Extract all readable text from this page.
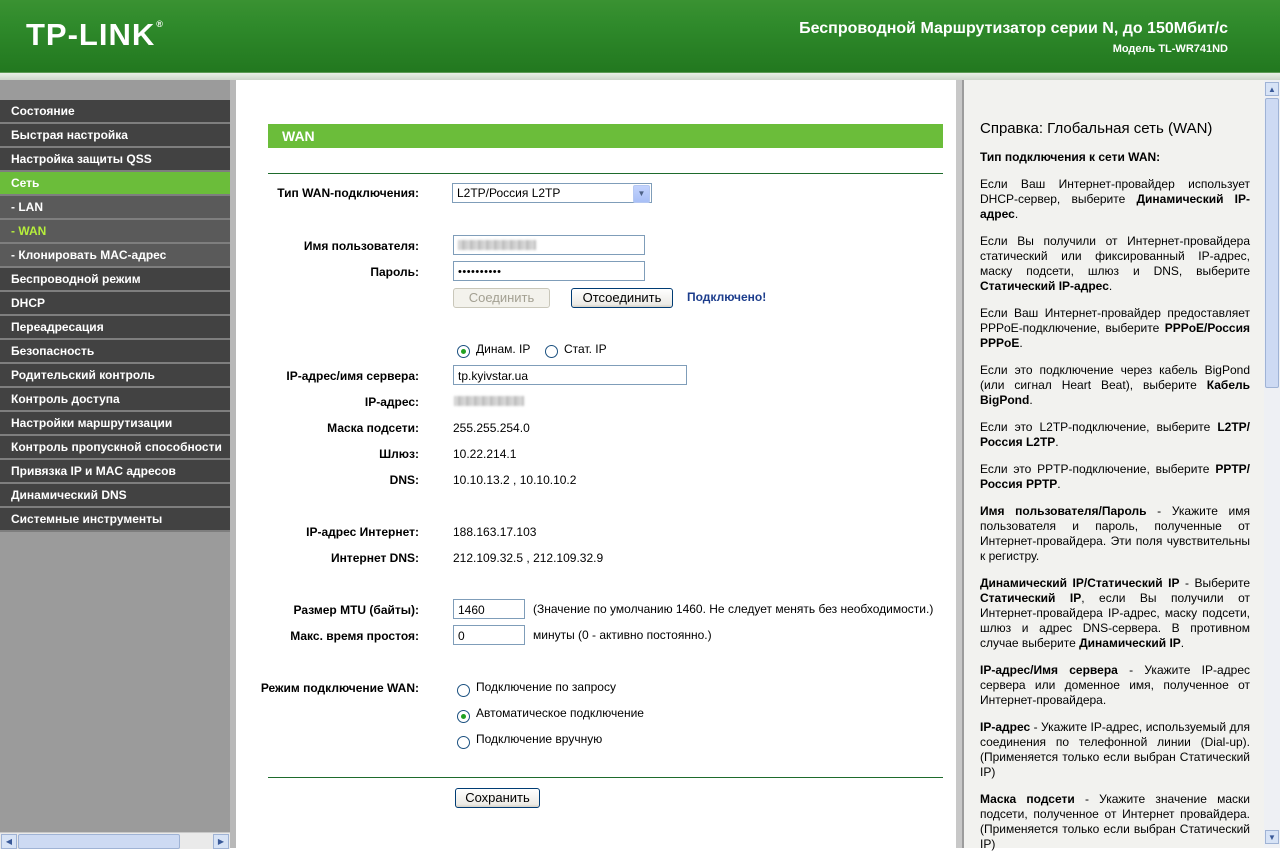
TP-LINK®	Беспроводной Маршрутизатор серии N, до 150Мбит/с
Модель TL-WR741ND
Состояние
Быстрая настройка
Настройка защиты QSS
Сеть
- LAN
- WAN
- Клонировать MAC-адрес
Беспроводной режим
DHCP
Переадресация
Безопасность
Родительский контроль
Контроль доступа
Настройки маршрутизации
Контроль пропускной способности
Привязка IP и MAC адресов
Динамический DNS
Системные инструменты
◀	▶
WAN
Тип WAN-подключения:	L2TP/Россия L2TP	▼
Имя пользователя:
Пароль:	••••••••••
Соединить	Отсоединить	Подключено!
Динам. IP	Стат. IP
IP-адрес/имя сервера:	tp.kyivstar.ua
IP-адрес:
Маска подсети:	255.255.254.0
Шлюз:	10.22.214.1
DNS:	10.10.13.2 , 10.10.10.2
IP-адрес Интернет:	188.163.17.103
Интернет DNS:	212.109.32.5 , 212.109.32.9
Размер MTU (байты):	1460	(Значение по умолчанию 1460. Не следует менять без необходимости.)
Макс. время простоя:	0	минуты (0 - активно постоянно.)
Режим подключение WAN:	Подключение по запросу
Автоматическое подключение
Подключение вручную
Сохранить
Справка: Глобальная сеть (WAN)
Тип подключения к сети WAN:

Если Ваш Интернет-провайдер использует DHCP-сервер, выберите Динамический IP-адрес.

Если Вы получили от Интернет-провайдера статический или фиксированный IP-адрес, маску подсети, шлюз и DNS, выберите Статический IP-адрес.

Если Ваш Интернет-провайдер предоставляет PPPoE-подключение, выберите PPPoE/Россия PPPoE.

Если это подключение через кабель BigPond (или сигнал Heart Beat), выберите Кабель BigPond.

Если это L2TP-подключение, выберите L2TP/Россия L2TP.

Если это PPTP-подключение, выберите PPTP/Россия PPTP.

Имя пользователя/Пароль - Укажите имя пользователя и пароль, полученные от Интернет-провайдера. Эти поля чувствительны к регистру.

Динамический IP/Статический IP - Выберите Статический IP, если Вы получили от Интернет-провайдера IP-адрес, маску подсети, шлюз и адрес DNS-сервера. В противном случае выберите Динамический IP.

IP-адрес/Имя сервера - Укажите IP-адрес сервера или доменное имя, полученное от Интернет-провайдера.

IP-адрес - Укажите IP-адрес, используемый для соединения по телефонной линии (Dial-up). (Применяется только если выбран Статический IP)

Маска подсети - Укажите значение маски подсети, полученное от Интернет провайдера. (Применяется только если выбран Статический IP)

▲
▼
